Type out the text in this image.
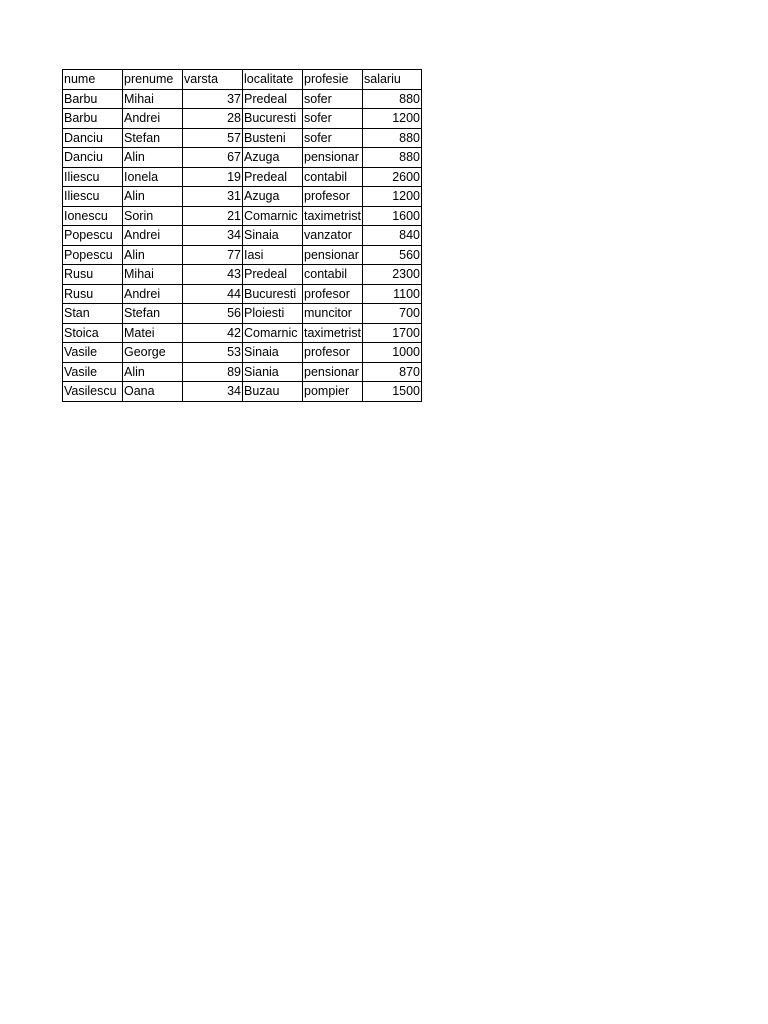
nume	prenume	varsta	localitate	profesie	salariu
Barbu	Mihai	37	Predeal	sofer	880
Barbu	Andrei	28	Bucuresti	sofer	1200
Danciu	Stefan	57	Busteni	sofer	880
Danciu	Alin	67	Azuga	pensionar	880
Iliescu	Ionela	19	Predeal	contabil	2600
Iliescu	Alin	31	Azuga	profesor	1200
Ionescu	Sorin	21	Comarnic	taximetrist	1600
Popescu	Andrei	34	Sinaia	vanzator	840
Popescu	Alin	77	Iasi	pensionar	560
Rusu	Mihai	43	Predeal	contabil	2300
Rusu	Andrei	44	Bucuresti	profesor	1100
Stan	Stefan	56	Ploiesti	muncitor	700
Stoica	Matei	42	Comarnic	taximetrist	1700
Vasile	George	53	Sinaia	profesor	1000
Vasile	Alin	89	Siania	pensionar	870
Vasilescu	Oana	34	Buzau	pompier	1500
